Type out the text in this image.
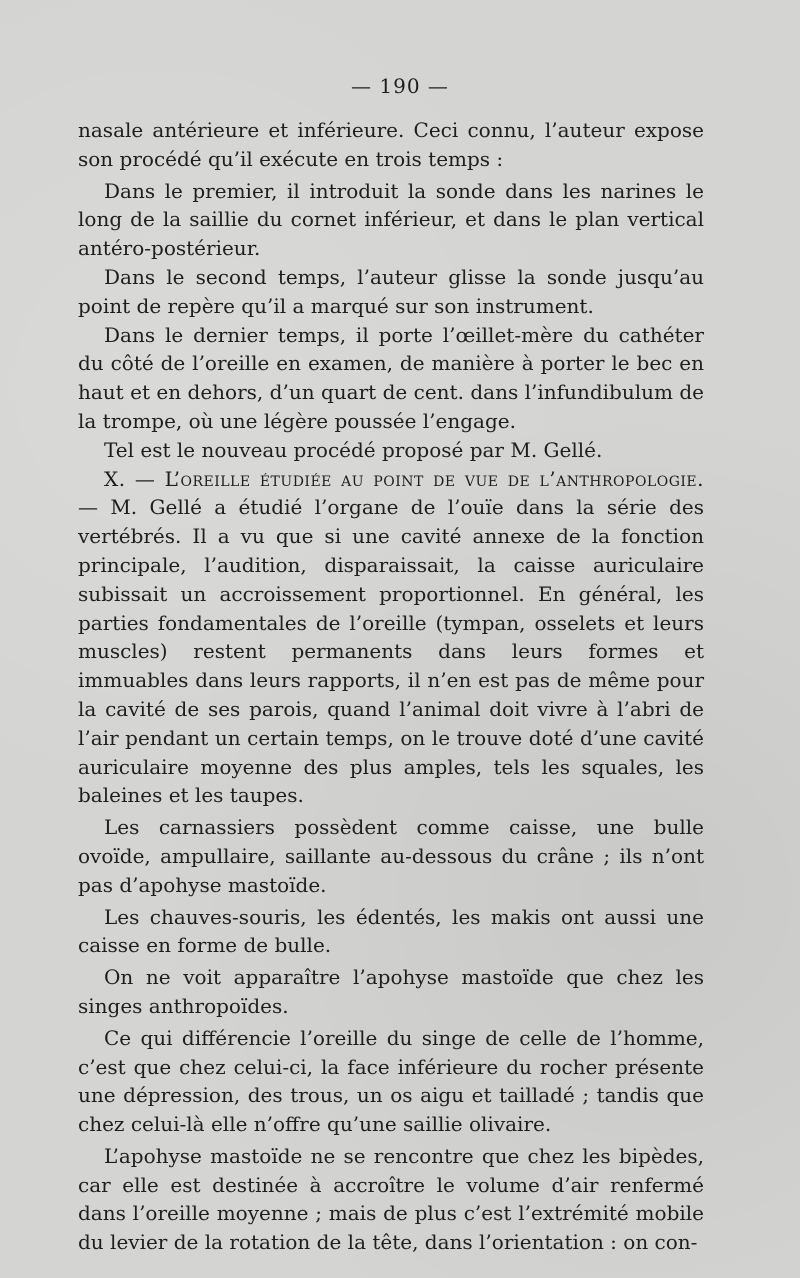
— 190 —

nasale antérieure et inférieure. Ceci connu, l’auteur expose son procédé qu’il exécute en trois temps :

Dans le premier, il introduit la sonde dans les narines le long de la saillie du cornet inférieur, et dans le plan vertical antéro-postérieur.

Dans le second temps, l’auteur glisse la sonde jusqu’au point de repère qu’il a marqué sur son instrument.

Dans le dernier temps, il porte l’œillet-mère du cathéter du côté de l’oreille en examen, de manière à porter le bec en haut et en dehors, d’un quart de cent. dans l’infundibulum de la trompe, où une légère poussée l’engage.

Tel est le nouveau procédé proposé par M. Gellé.

X. — L’oreille étudiée au point de vue de l’anthropologie. — M. Gellé a étudié l’organe de l’ouïe dans la série des vertébrés. Il a vu que si une cavité annexe de la fonction principale, l’audition, disparaissait, la caisse auriculaire subissait un accroissement proportionnel. En général, les parties fondamentales de l’oreille (tympan, osselets et leurs muscles) restent permanents dans leurs formes et immuables dans leurs rapports, il n’en est pas de même pour la cavité de ses parois, quand l’animal doit vivre à l’abri de l’air pendant un certain temps, on le trouve doté d’une cavité auriculaire moyenne des plus amples, tels les squales, les baleines et les taupes.

Les carnassiers possèdent comme caisse, une bulle ovoïde, ampullaire, saillante au-dessous du crâne ; ils n’ont pas d’apohyse mastoïde.

Les chauves-souris, les édentés, les makis ont aussi une caisse en forme de bulle.

On ne voit apparaître l’apohyse mastoïde que chez les singes anthropoïdes.

Ce qui différencie l’oreille du singe de celle de l’homme, c’est que chez celui-ci, la face inférieure du rocher présente une dépression, des trous, un os aigu et tailladé ; tandis que chez celui-là elle n’offre qu’une saillie olivaire.

L’apohyse mastoïde ne se rencontre que chez les bipèdes, car elle est destinée à accroître le volume d’air renfermé dans l’oreille moyenne ; mais de plus c’est l’extrémité mobile du levier de la rotation de la tête, dans l’orientation : on con-
